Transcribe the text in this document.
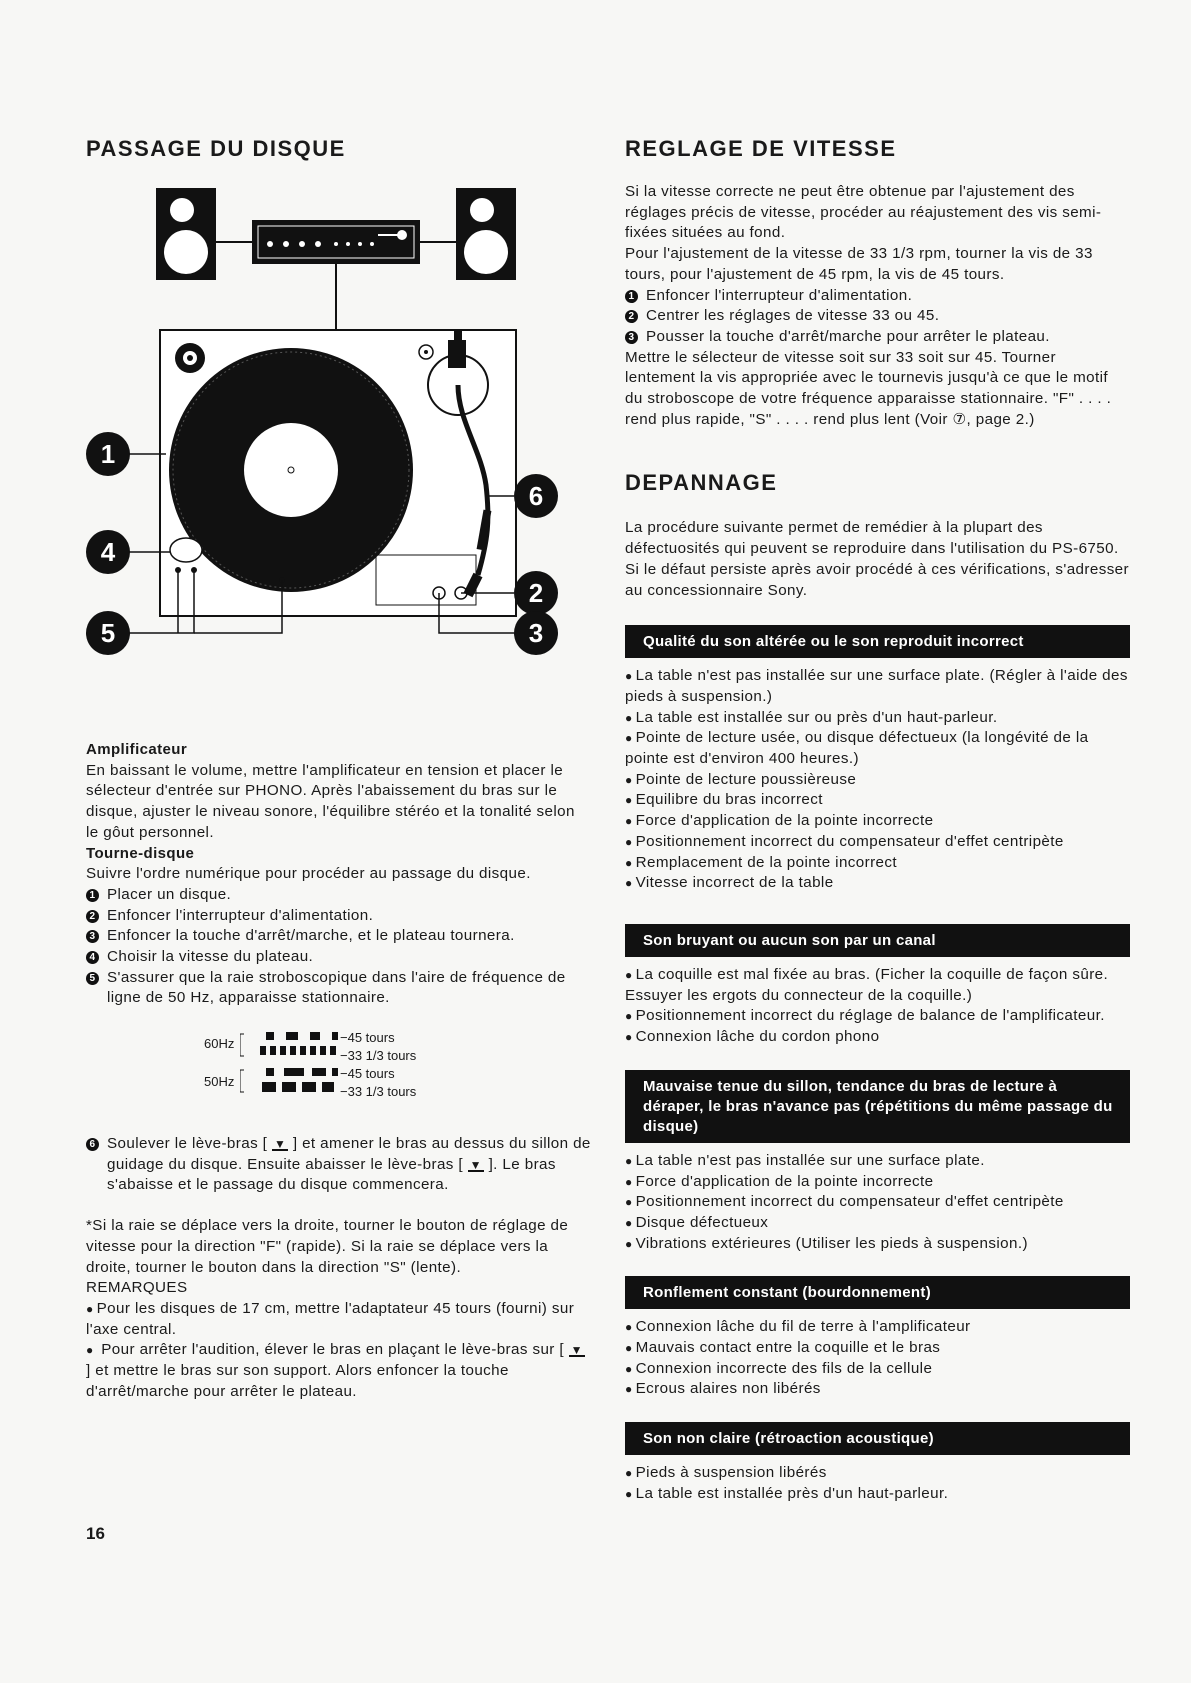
PASSAGE DU DISQUE
1
4
5
6
2
3

Amplificateur

En baissant le volume, mettre l'amplificateur en tension et placer le sélecteur d'entrée sur PHONO. Après l'abaissement du bras sur le disque, ajuster le niveau sonore, l'équilibre stéréo et la tonalité selon le gôut personnel.

Tourne-disque

Suivre l'ordre numérique pour procéder au passage du disque.

1 Placer un disque.
2 Enfoncer l'interrupteur d'alimentation.
3 Enfoncer la touche d'arrêt/marche, et le plateau tournera.
4 Choisir la vitesse du plateau.
5 S'assurer que la raie stroboscopique dans l'aire de fréquence de ligne de 50 Hz, apparaisse stationnaire.
60Hz
50Hz
−45 tours
−33 1/3 tours
−45 tours
−33 1/3 tours
6 Soulever le lève-bras [ ▼ ] et amener le bras au dessus du sillon de guidage du disque. Ensuite abaisser le lève-bras [ ▼ ]. Le bras s'abaisse et le passage du disque commencera.

*Si la raie se déplace vers la droite, tourner le bouton de réglage de vitesse pour la direction "F" (rapide). Si la raie se déplace vers la droite, tourner le bouton dans la direction "S" (lente).

REMARQUES

● Pour les disques de 17 cm, mettre l'adaptateur 45 tours (fourni) sur l'axe central.

● Pour arrêter l'audition, élever le bras en plaçant le lève-bras sur [ ▼ ] et mettre le bras sur son support. Alors enfoncer la touche d'arrêt/marche pour arrêter le plateau.

REGLAGE DE VITESSE

Si la vitesse correcte ne peut être obtenue par l'ajustement des réglages précis de vitesse, procéder au réajustement des vis semi-fixées situées au fond.

Pour l'ajustement de la vitesse de 33 1/3 rpm, tourner la vis de 33 tours, pour l'ajustement de 45 rpm, la vis de 45 tours.

1 Enfoncer l'interrupteur d'alimentation.
2 Centrer les réglages de vitesse 33 ou 45.
3 Pousser la touche d'arrêt/marche pour arrêter le plateau.

Mettre le sélecteur de vitesse soit sur 33 soit sur 45. Tourner lentement la vis appropriée avec le tournevis jusqu'à ce que le motif du stroboscope de votre fréquence apparaisse stationnaire. "F" . . . . rend plus rapide, "S" . . . . rend plus lent (Voir ⑦, page 2.)

DEPANNAGE

La procédure suivante permet de remédier à la plupart des défectuosités qui peuvent se reproduire dans l'utilisation du PS-6750. Si le défaut persiste après avoir procédé à ces vérifications, s'adresser au concessionnaire Sony.

Qualité du son altérée ou le son reproduit incorrect

● La table n'est pas installée sur une surface plate. (Régler à l'aide des pieds à suspension.)

● La table est installée sur ou près d'un haut-parleur.

● Pointe de lecture usée, ou disque défectueux (la longévité de la pointe est d'environ 400 heures.)

● Pointe de lecture poussièreuse

● Equilibre du bras incorrect

● Force d'application de la pointe incorrecte

● Positionnement incorrect du compensateur d'effet centripète

● Remplacement de la pointe incorrect

● Vitesse incorrect de la table

Son bruyant ou aucun son par un canal

● La coquille est mal fixée au bras. (Ficher la coquille de façon sûre. Essuyer les ergots du connecteur de la coquille.)

● Positionnement incorrect du réglage de balance de l'amplificateur.

● Connexion lâche du cordon phono

Mauvaise tenue du sillon, tendance du bras de lecture à déraper, le bras n'avance pas (répétitions du même passage du disque)

● La table n'est pas installée sur une surface plate.

● Force d'application de la pointe incorrecte

● Positionnement incorrect du compensateur d'effet centripète

● Disque défectueux

● Vibrations extérieures (Utiliser les pieds à suspension.)

Ronflement constant (bourdonnement)

● Connexion lâche du fil de terre à l'amplificateur

● Mauvais contact entre la coquille et le bras

● Connexion incorrecte des fils de la cellule

● Ecrous alaires non libérés

Son non claire (rétroaction acoustique)

● Pieds à suspension libérés

● La table est installée près d'un haut-parleur.

16
